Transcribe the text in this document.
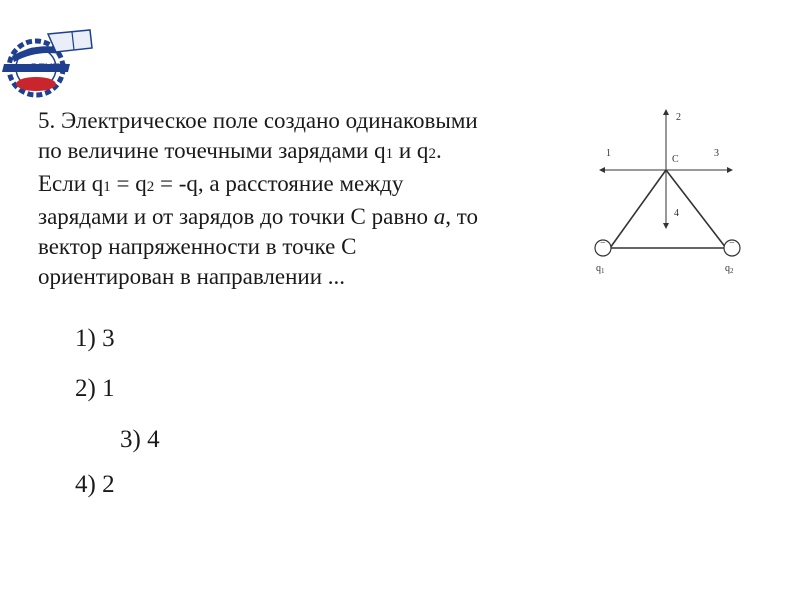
РГУПС
5. Электрическое поле создано одинаковыми
по величине точечными зарядами q1 и q2.
Если q1 = q2 = -q, а расстояние между
зарядами и от зарядов до точки С равно а, то
вектор напряженности в точке С
ориентирован в направлении ...
1) 3
2) 1
3) 4
4) 2
−	−
C
1
2
3
4
$q_1$	$q_2$
